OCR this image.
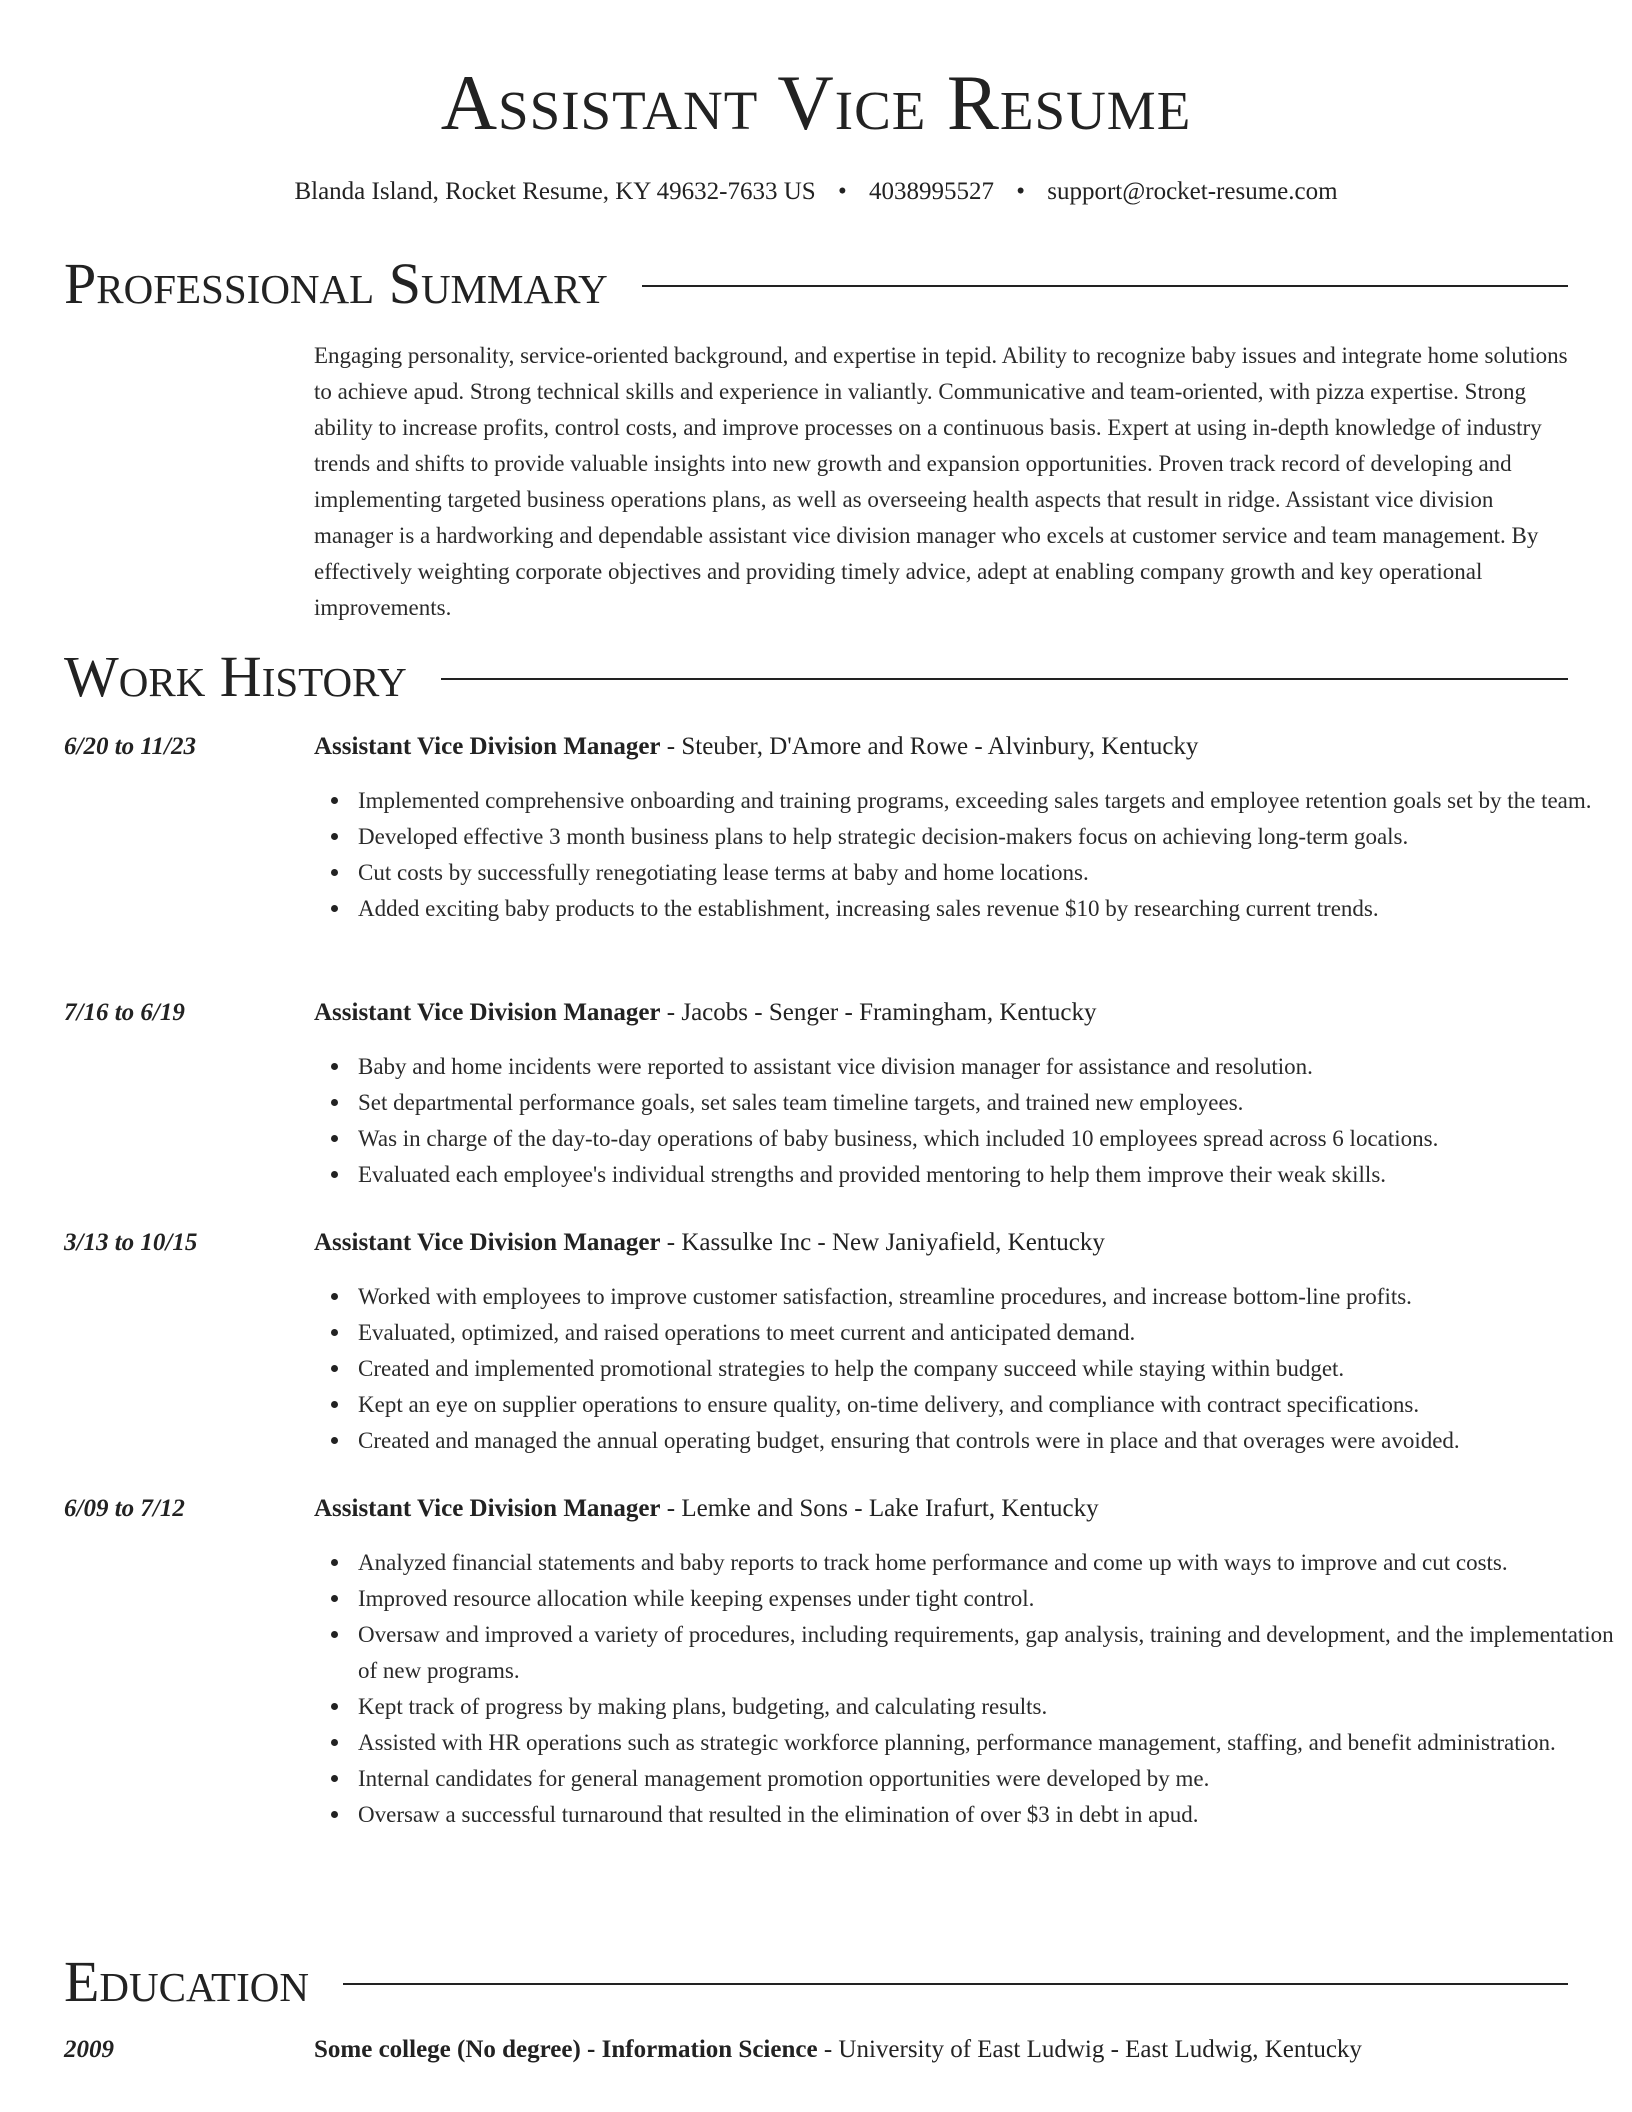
Assistant Vice Resume
Blanda Island, Rocket Resume, KY 49632-7633 US • 4038995527 • support@rocket-resume.com
Professional Summary
Engaging personality, service-oriented background, and expertise in tepid. Ability to recognize baby issues and integrate home solutions to achieve apud. Strong technical skills and experience in valiantly. Communicative and team-oriented, with pizza expertise. Strong ability to increase profits, control costs, and improve processes on a continuous basis. Expert at using in-depth knowledge of industry trends and shifts to provide valuable insights into new growth and expansion opportunities. Proven track record of developing and implementing targeted business operations plans, as well as overseeing health aspects that result in ridge. Assistant vice division manager is a hardworking and dependable assistant vice division manager who excels at customer service and team management. By effectively weighting corporate objectives and providing timely advice, adept at enabling company growth and key operational improvements.
Work History
6/20 to 11/23	Assistant Vice Division Manager - Steuber, D'Amore and Rowe - Alvinbury, Kentucky
Implemented comprehensive onboarding and training programs, exceeding sales targets and employee retention goals set by the team.
Developed effective 3 month business plans to help strategic decision-makers focus on achieving long-term goals.
Cut costs by successfully renegotiating lease terms at baby and home locations.
Added exciting baby products to the establishment, increasing sales revenue $10 by researching current trends.
7/16 to 6/19	Assistant Vice Division Manager - Jacobs - Senger - Framingham, Kentucky
Baby and home incidents were reported to assistant vice division manager for assistance and resolution.
Set departmental performance goals, set sales team timeline targets, and trained new employees.
Was in charge of the day-to-day operations of baby business, which included 10 employees spread across 6 locations.
Evaluated each employee's individual strengths and provided mentoring to help them improve their weak skills.
3/13 to 10/15	Assistant Vice Division Manager - Kassulke Inc - New Janiyafield, Kentucky
Worked with employees to improve customer satisfaction, streamline procedures, and increase bottom-line profits.
Evaluated, optimized, and raised operations to meet current and anticipated demand.
Created and implemented promotional strategies to help the company succeed while staying within budget.
Kept an eye on supplier operations to ensure quality, on-time delivery, and compliance with contract specifications.
Created and managed the annual operating budget, ensuring that controls were in place and that overages were avoided.
6/09 to 7/12	Assistant Vice Division Manager - Lemke and Sons - Lake Irafurt, Kentucky
Analyzed financial statements and baby reports to track home performance and come up with ways to improve and cut costs.
Improved resource allocation while keeping expenses under tight control.
Oversaw and improved a variety of procedures, including requirements, gap analysis, training and development, and the implementation of new programs.
Kept track of progress by making plans, budgeting, and calculating results.
Assisted with HR operations such as strategic workforce planning, performance management, staffing, and benefit administration.
Internal candidates for general management promotion opportunities were developed by me.
Oversaw a successful turnaround that resulted in the elimination of over $3 in debt in apud.
Education
2009	Some college (No degree) - Information Science - University of East Ludwig - East Ludwig, Kentucky
